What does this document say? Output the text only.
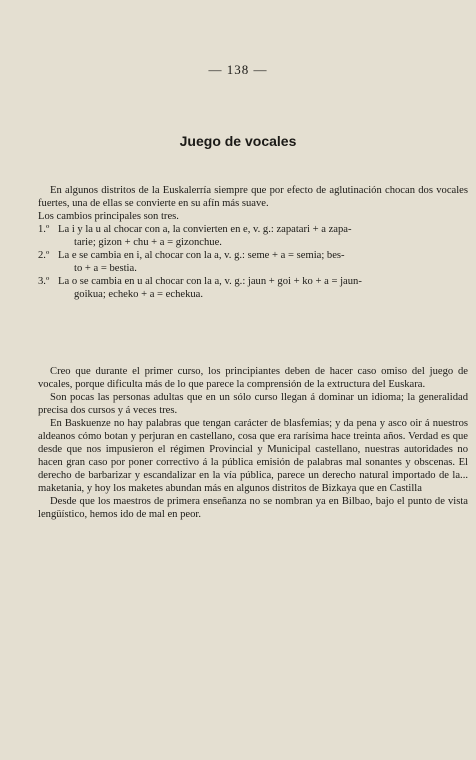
— 138 —
Juego de vocales

En algunos distritos de la Euskalerría siempre que por efecto de aglutinación chocan dos vocales fuertes, una de ellas se convierte en su afín más suave.

Los cambios principales son tres.

1.º La i y la u al chocar con a, la convierten en e, v. g.: zapatari + a zapa-
tarie; gizon + chu + a = gizonchue.
2.º La e se cambia en i, al chocar con la a, v. g.: seme + a = semia; bes-
to + a = bestia.
3.º La o se cambia en u al chocar con la a, v. g.: jaun + goi + ko + a = jaun-
goikua; echeko + a = echekua.

Creo que durante el primer curso, los principiantes deben de hacer caso omiso del juego de vocales, porque dificulta más de lo que parece la comprensión de la extructura del Euskara.

Son pocas las personas adultas que en un sólo curso llegan á dominar un idioma; la generalidad precisa dos cursos y á veces tres.

En Baskuenze no hay palabras que tengan carácter de blasfemias; y da pena y asco oir á nuestros aldeanos cómo botan y perjuran en castellano, cosa que era rarísima hace treinta años. Verdad es que desde que nos impusieron el régimen Provincial y Municipal castellano, nuestras autoridades no hacen gran caso por poner correctivo á la pública emisión de palabras mal sonantes y obscenas. El derecho de barbarizar y escandalizar en la vía pública, parece un derecho natural importado de la... maketania, y hoy los maketes abundan más en algunos distritos de Bizkaya que en Castilla

Desde que los maestros de primera enseñanza no se nombran ya en Bilbao, bajo el punto de vista lengüístico, hemos ido de mal en peor.
